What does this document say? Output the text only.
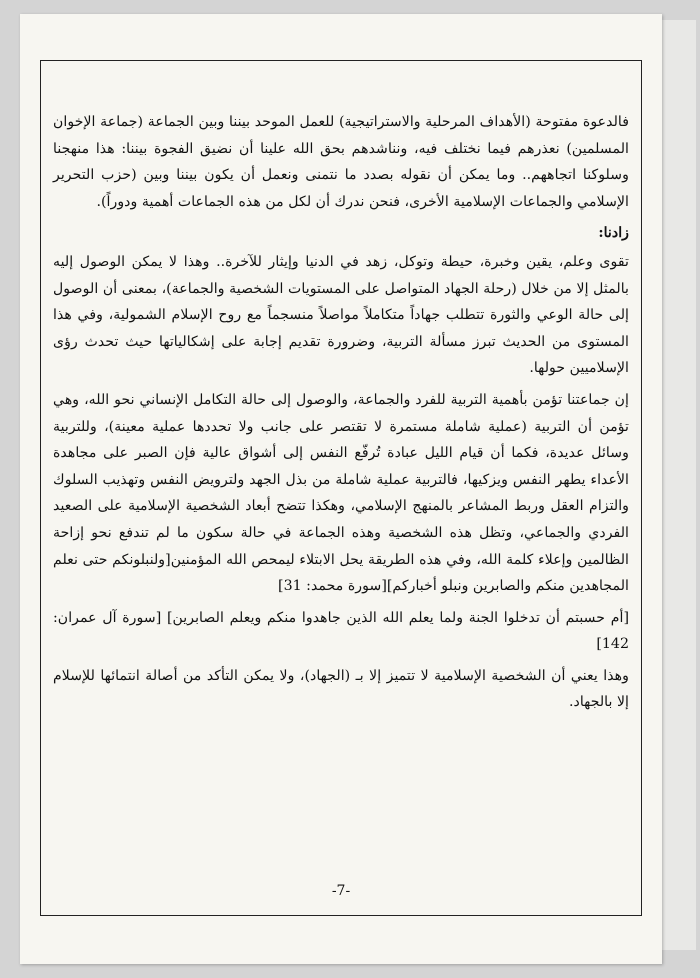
فالدعوة مفتوحة (الأهداف المرحلية والاستراتيجية) للعمل الموحد بيننا وبين الجماعة (جماعة الإخوان المسلمين) نعذرهم فيما نختلف فيه، ونناشدهم بحق الله علينا أن نضيق الفجوة بيننا: هذا منهجنا وسلوكنا اتجاههم.. وما يمكن أن نقوله بصدد ما نتمنى ونعمل أن يكون بيننا وبين (حزب التحرير الإسلامي والجماعات الإسلامية الأخرى، فنحن ندرك أن لكل من هذه الجماعات أهمية ودوراً).

زادنا:

تقوى وعلم، يقين وخبرة، حيطة وتوكل، زهد في الدنيا وإيثار للآخرة.. وهذا لا يمكن الوصول إليه بالمثل إلا من خلال (رحلة الجهاد المتواصل على المستويات الشخصية والجماعة)، بمعنى أن الوصول إلى حالة الوعي والثورة تتطلب جهاداً متكاملاً مواصلاً منسجماً مع روح الإسلام الشمولية، وفي هذا المستوى من الحديث تبرز مسألة التربية، وضرورة تقديم إجابة على إشكالياتها حيث تحدث رؤى الإسلاميين حولها.

إن جماعتنا تؤمن بأهمية التربية للفرد والجماعة، والوصول إلى حالة التكامل الإنساني نحو الله، وهي تؤمن أن التربية (عملية شاملة مستمرة لا تقتصر على جانب ولا تحددها عملية معينة)، وللتربية وسائل عديدة، فكما أن قيام الليل عبادة تُرفّع النفس إلى أشواق عالية فإن الصبر على مجاهدة الأعداء يطهر النفس ويزكيها، فالتربية عملية شاملة من بذل الجهد ولترويض النفس وتهذيب السلوك والتزام العقل وربط المشاعر بالمنهج الإسلامي، وهكذا تتضح أبعاد الشخصية الإسلامية على الصعيد الفردي والجماعي، وتظل هذه الشخصية وهذه الجماعة في حالة سكون ما لم تندفع نحو إزاحة الظالمين وإعلاء كلمة الله، وفي هذه الطريقة يحل الابتلاء ليمحص الله المؤمنين[ولنبلونكم حتى نعلم المجاهدين منكم والصابرين ونبلو أخباركم][سورة محمد: 31]

[أم حسبتم أن تدخلوا الجنة ولما يعلم الله الذين جاهدوا منكم ويعلم الصابرين] [سورة آل عمران: 142]

وهذا يعني أن الشخصية الإسلامية لا تتميز إلا بـ (الجهاد)، ولا يمكن التأكد من أصالة انتمائها للإسلام إلا بالجهاد.

-7-
